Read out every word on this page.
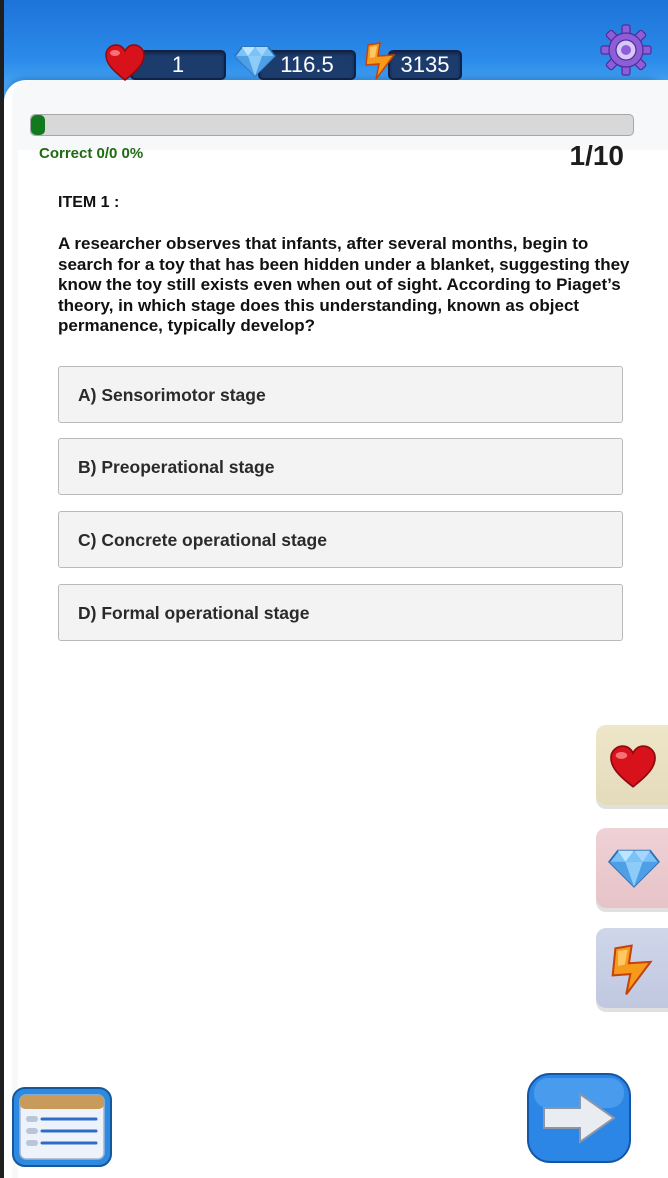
1	116.5	3135
Correct 0/0 0%	1/10
ITEM 1 :
A researcher observes that infants, after several months, begin to search for a toy that has been hidden under a blanket, suggesting they know the toy still exists even when out of sight. According to Piaget’s theory, in which stage does this understanding, known as object permanence, typically develop?
A) Sensorimotor stage
B) Preoperational stage
C) Concrete operational stage
D) Formal operational stage
